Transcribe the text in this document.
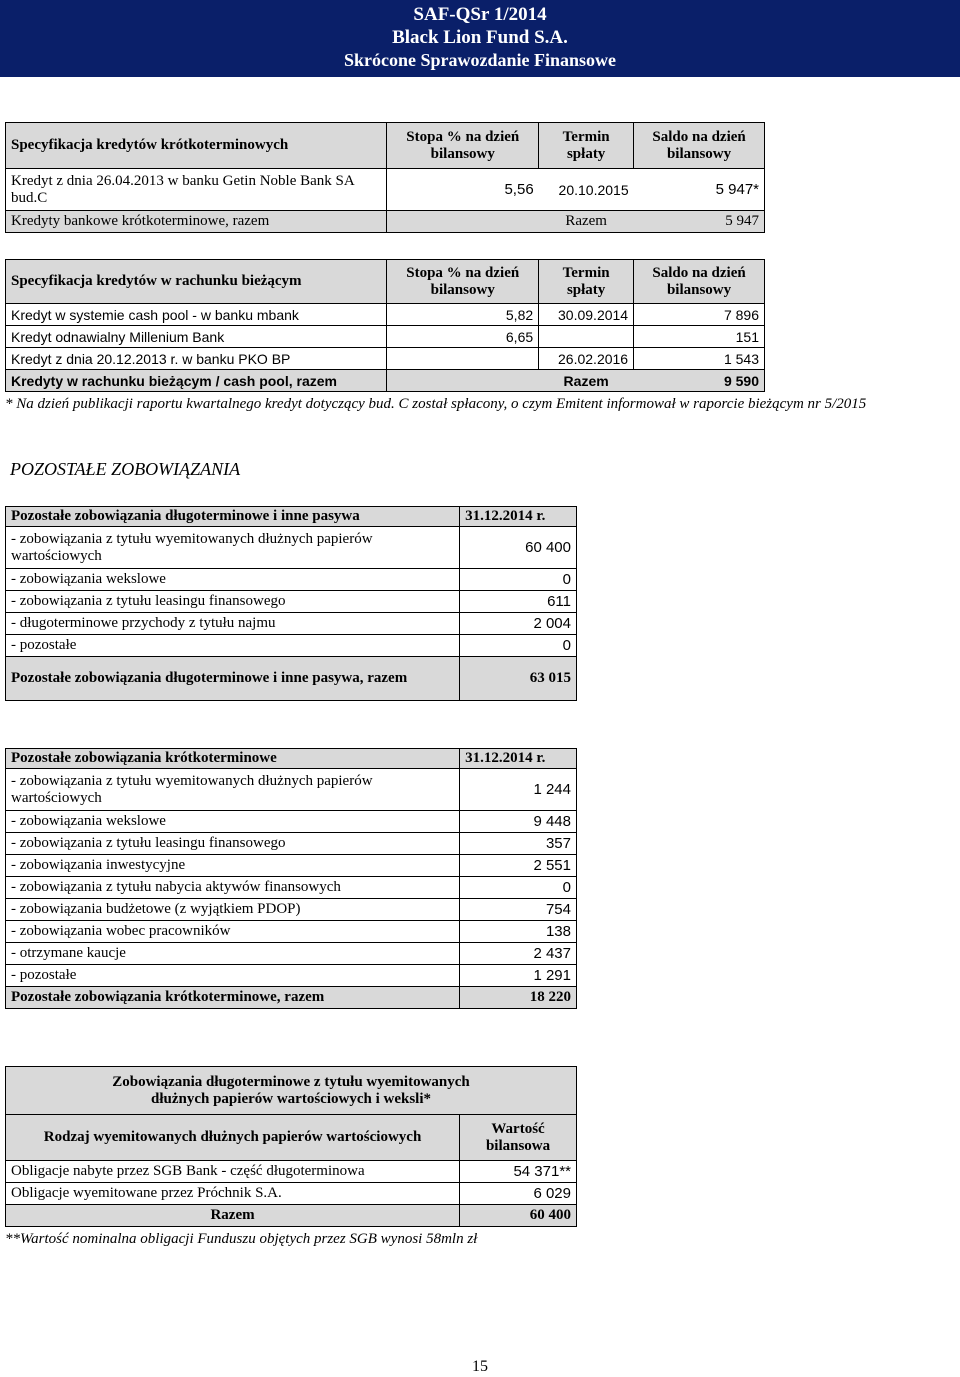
SAF-QSr 1/2014
Black Lion Fund S.A.
Skrócone Sprawozdanie Finansowe
Specyfikacja kredytów krótkoterminowych	Stopa % na dzień bilansowy	Termin spłaty	Saldo na dzień bilansowy
Kredyt z dnia 26.04.2013 w banku Getin Noble Bank SA bud.C	5,56	20.10.2015	5 947*
Kredyty bankowe krótkoterminowe, razem		Razem	5 947
Specyfikacja kredytów w rachunku bieżącym	Stopa % na dzień bilansowy	Termin spłaty	Saldo na dzień bilansowy
Kredyt w systemie cash pool - w banku mbank	5,82	30.09.2014	7 896
Kredyt odnawialny Millenium Bank	6,65		151
Kredyt z dnia 20.12.2013 r. w banku PKO BP		26.02.2016	1 543
Kredyty w rachunku bieżącym / cash pool, razem		Razem	9 590
* Na dzień publikacji raportu kwartalnego kredyt dotyczący bud. C został spłacony, o czym Emitent informował w raporcie bieżącym nr 5/2015
POZOSTAŁE ZOBOWIĄZANIA
Pozostałe zobowiązania długoterminowe i inne pasywa	31.12.2014 r.
- zobowiązania z tytułu wyemitowanych dłużnych papierów wartościowych	60 400
- zobowiązania wekslowe	0
- zobowiązania z tytułu leasingu finansowego	611
- długoterminowe przychody z tytułu najmu	2 004
- pozostałe	0
Pozostałe zobowiązania długoterminowe i inne pasywa, razem	63 015
Pozostałe zobowiązania krótkoterminowe	31.12.2014 r.
- zobowiązania z tytułu wyemitowanych dłużnych papierów wartościowych	1 244
- zobowiązania wekslowe	9 448
- zobowiązania z tytułu leasingu finansowego	357
- zobowiązania inwestycyjne	2 551
- zobowiązania z tytułu nabycia aktywów finansowych	0
- zobowiązania budżetowe (z wyjątkiem PDOP)	754
- zobowiązania wobec pracowników	138
- otrzymane kaucje	2 437
- pozostałe	1 291
Pozostałe zobowiązania krótkoterminowe, razem	18 220
Zobowiązania długoterminowe z tytułu wyemitowanych dłużnych papierów wartościowych i weksli*	
Rodzaj wyemitowanych dłużnych papierów wartościowych	Wartość bilansowa
Obligacje nabyte przez SGB Bank - część długoterminowa	54 371**
Obligacje wyemitowane przez Próchnik S.A.	6 029
Razem	60 400
**Wartość nominalna obligacji Funduszu objętych przez SGB wynosi 58mln zł
15
